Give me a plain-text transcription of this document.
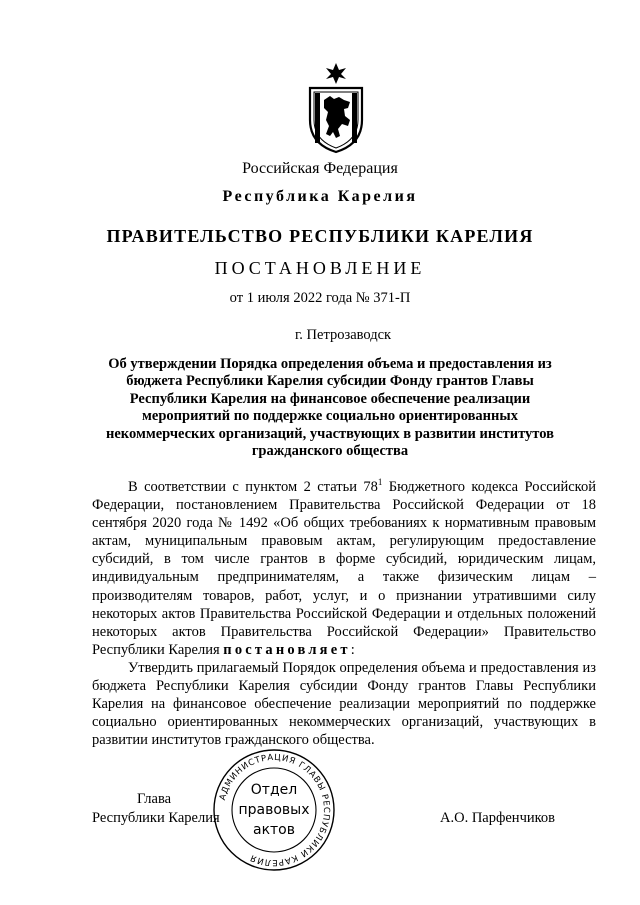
Российская Федерация
Республика Карелия
ПРАВИТЕЛЬСТВО РЕСПУБЛИКИ КАРЕЛИЯ
ПОСТАНОВЛЕНИЕ
от 1 июля 2022 года № 371-П
г. Петрозаводск
Об утверждении Порядка определения объема и предоставления из бюджета Республики Карелия субсидии Фонду грантов Главы Республики Карелия на финансовое обеспечение реализации мероприятий по поддержке социально ориентированных некоммерческих организаций, участвующих в развитии институтов гражданского общества

В соответствии с пунктом 2 статьи $78^1$ Бюджетного кодекса Российской Федерации, постановлением Правительства Российской Федерации от 18 сентября 2020 года № 1492 «Об общих требованиях к нормативным правовым актам, муниципальным правовым актам, регулирующим предоставление субсидий, в том числе грантов в форме субсидий, юридическим лицам, индивидуальным предпринимателям, а также физическим лицам – производителям товаров, работ, услуг, и о признании утратившими силу некоторых актов Правительства Российской Федерации и отдельных положений некоторых актов Правительства Российской Федерации» Правительство Республики Карелия постановляет:

Утвердить прилагаемый Порядок определения объема и предоставления из бюджета Республики Карелия субсидии Фонду грантов Главы Республики Карелия на финансовое обеспечение реализации мероприятий по поддержке социально ориентированных некоммерческих организаций, участвующих в развитии институтов гражданского общества.

Глава
Республики Карелия	А.О. Парфенчиков
АДМИНИСТРАЦИЯ ГЛАВЫ РЕСПУБЛИКИ КАРЕЛИЯ
Отдел
правовых
актов
